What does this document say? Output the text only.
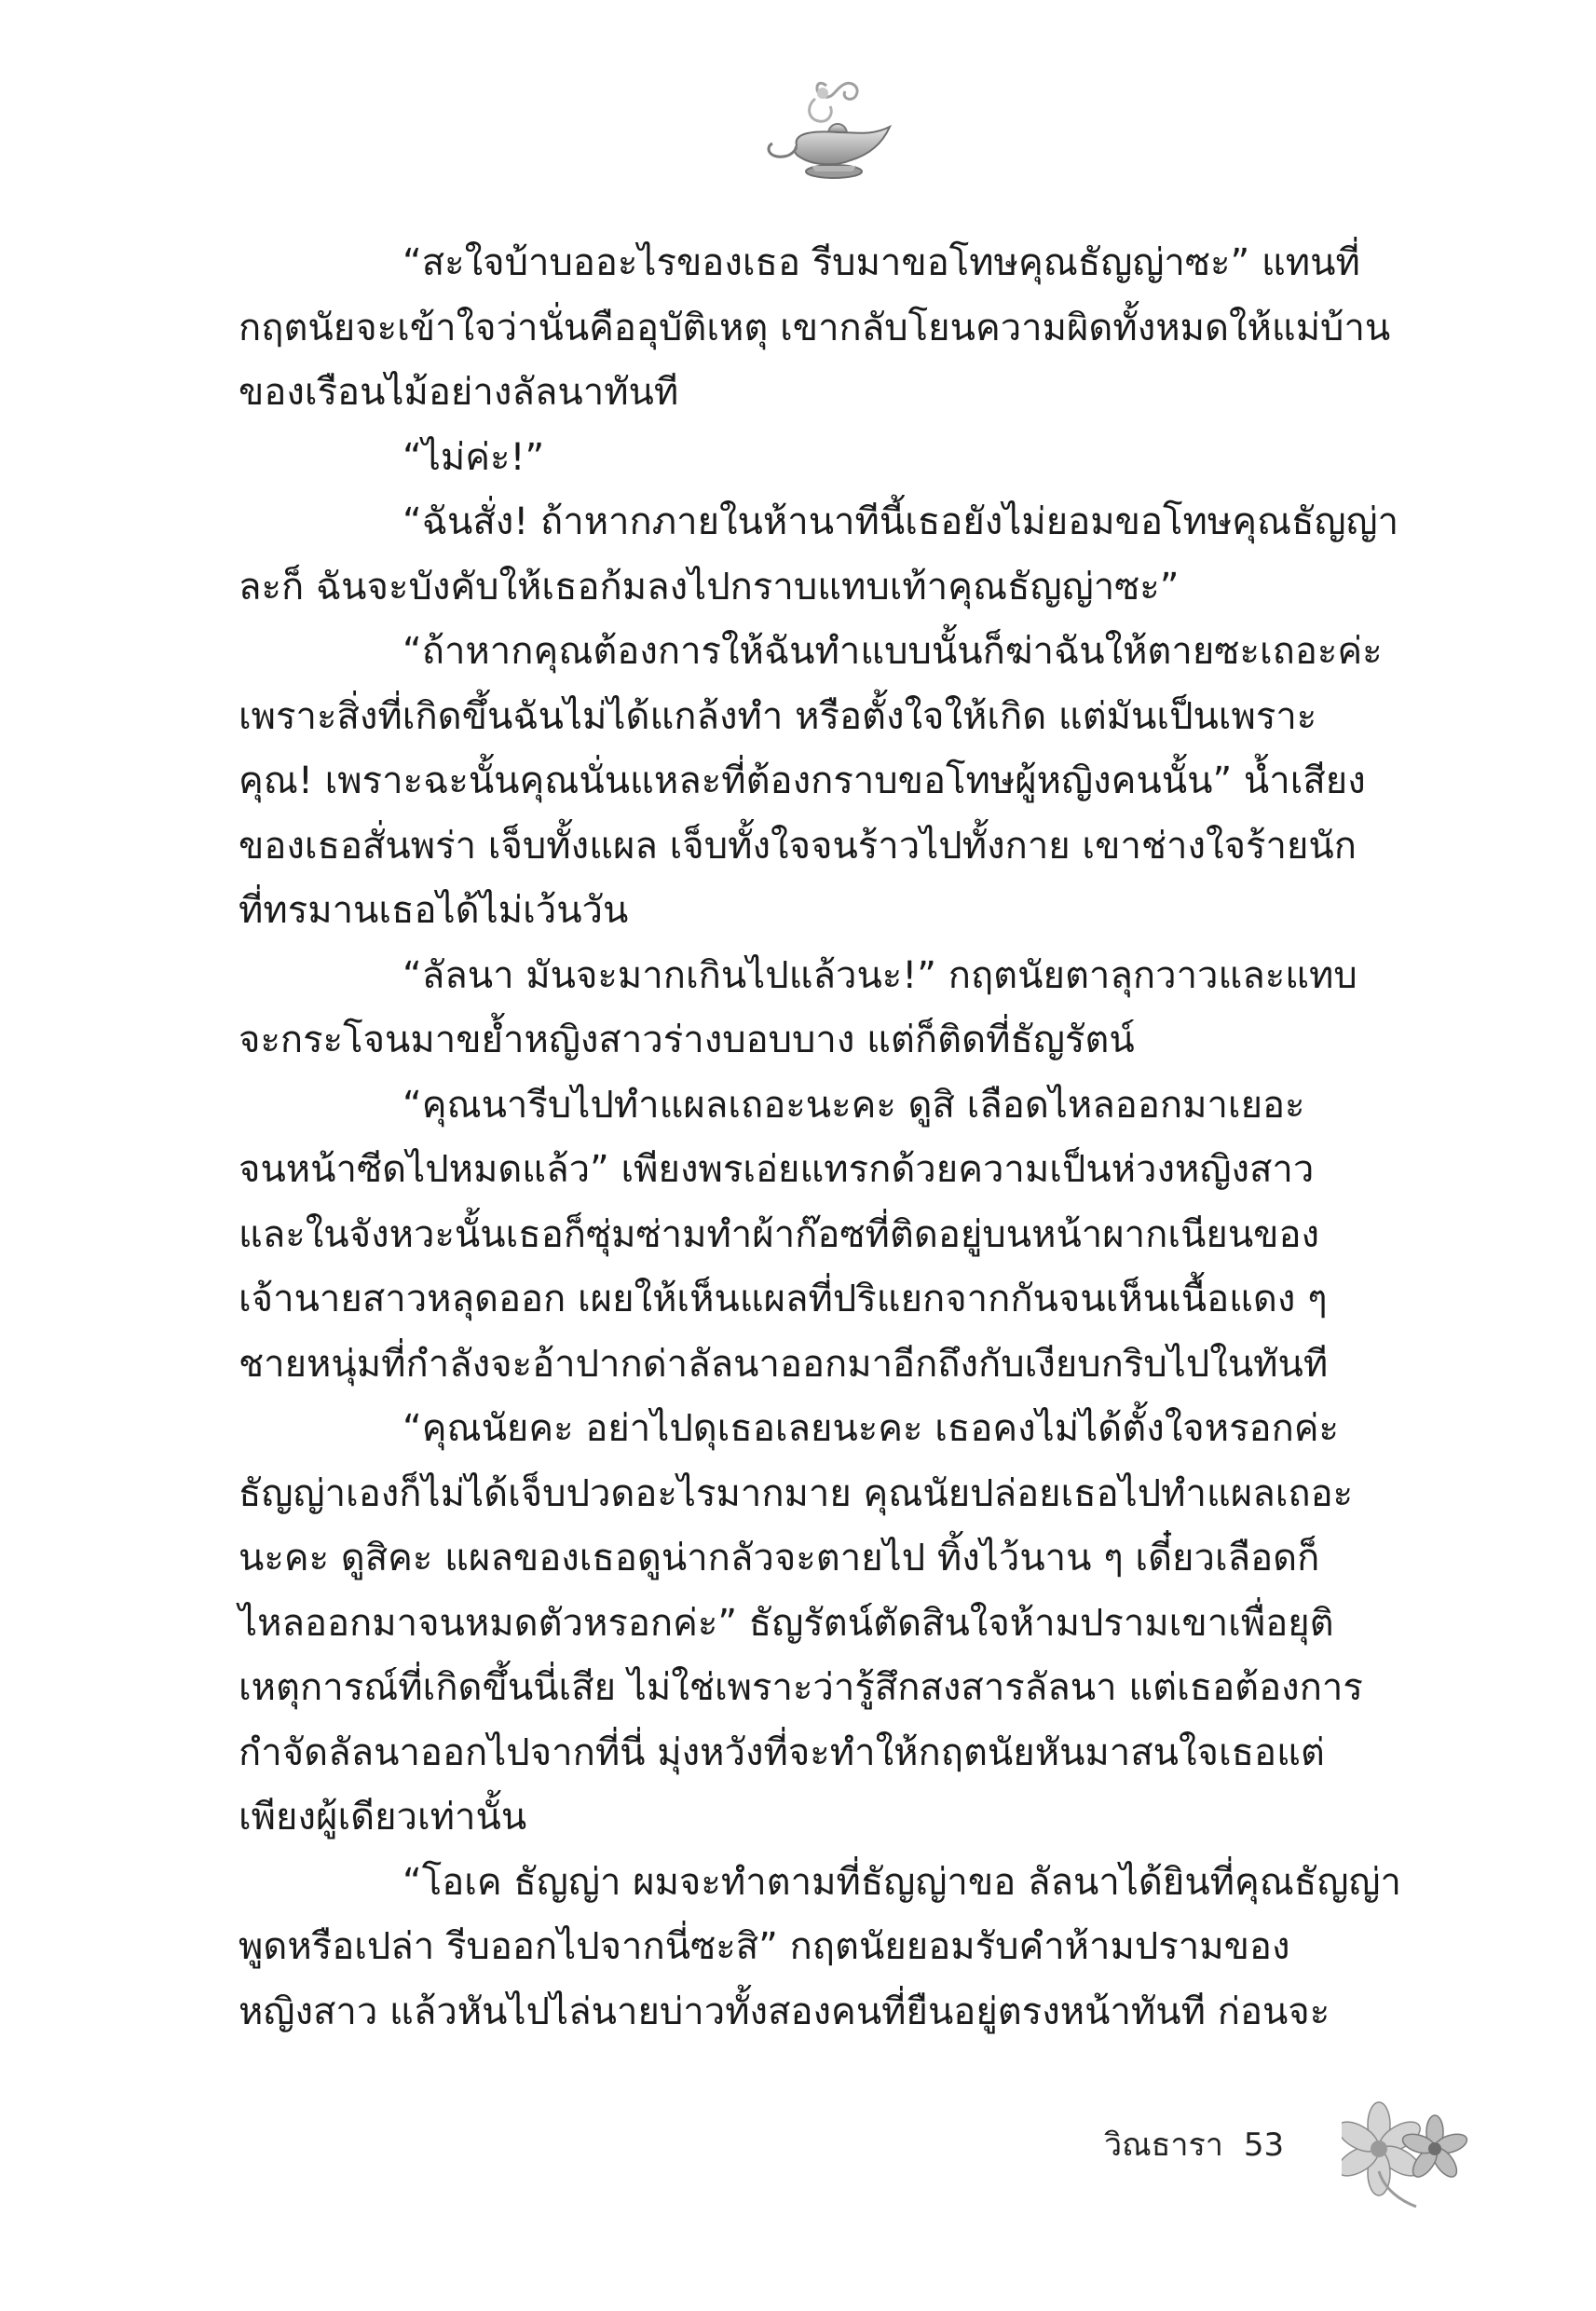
“สะใจบ้าบออะไรของเธอ รีบมาขอโทษคุณธัญญ่าซะ” แทนที่

กฤตนัยจะเข้าใจว่านั่นคืออุบัติเหตุ เขากลับโยนความผิดทั้งหมดให้แม่บ้าน

ของเรือนไม้อย่างลัลนาทันที

“ไม่ค่ะ!”

“ฉันสั่ง! ถ้าหากภายในห้านาทีนี้เธอยังไม่ยอมขอโทษคุณธัญญ่า

ละก็ ฉันจะบังคับให้เธอก้มลงไปกราบแทบเท้าคุณธัญญ่าซะ”

“ถ้าหากคุณต้องการให้ฉันทำแบบนั้นก็ฆ่าฉันให้ตายซะเถอะค่ะ

เพราะสิ่งที่เกิดขึ้นฉันไม่ได้แกล้งทำ หรือตั้งใจให้เกิด แต่มันเป็นเพราะ

คุณ! เพราะฉะนั้นคุณนั่นแหละที่ต้องกราบขอโทษผู้หญิงคนนั้น” น้ำเสียง

ของเธอสั่นพร่า เจ็บทั้งแผล เจ็บทั้งใจจนร้าวไปทั้งกาย เขาช่างใจร้ายนัก

ที่ทรมานเธอได้ไม่เว้นวัน

“ลัลนา มันจะมากเกินไปแล้วนะ!” กฤตนัยตาลุกวาวและแทบ

จะกระโจนมาขย้ำหญิงสาวร่างบอบบาง แต่ก็ติดที่ธัญรัตน์

“คุณนารีบไปทำแผลเถอะนะคะ ดูสิ เลือดไหลออกมาเยอะ

จนหน้าซีดไปหมดแล้ว” เพียงพรเอ่ยแทรกด้วยความเป็นห่วงหญิงสาว

และในจังหวะนั้นเธอก็ซุ่มซ่ามทำผ้าก๊อซที่ติดอยู่บนหน้าผากเนียนของ

เจ้านายสาวหลุดออก เผยให้เห็นแผลที่ปริแยกจากกันจนเห็นเนื้อแดง ๆ

ชายหนุ่มที่กำลังจะอ้าปากด่าลัลนาออกมาอีกถึงกับเงียบกริบไปในทันที

“คุณนัยคะ อย่าไปดุเธอเลยนะคะ เธอคงไม่ได้ตั้งใจหรอกค่ะ

ธัญญ่าเองก็ไม่ได้เจ็บปวดอะไรมากมาย คุณนัยปล่อยเธอไปทำแผลเถอะ

นะคะ ดูสิคะ แผลของเธอดูน่ากลัวจะตายไป ทิ้งไว้นาน ๆ เดี๋ยวเลือดก็

ไหลออกมาจนหมดตัวหรอกค่ะ” ธัญรัตน์ตัดสินใจห้ามปรามเขาเพื่อยุติ

เหตุการณ์ที่เกิดขึ้นนี่เสีย ไม่ใช่เพราะว่ารู้สึกสงสารลัลนา แต่เธอต้องการ

กำจัดลัลนาออกไปจากที่นี่ มุ่งหวังที่จะทำให้กฤตนัยหันมาสนใจเธอแต่

เพียงผู้เดียวเท่านั้น

“โอเค ธัญญ่า ผมจะทำตามที่ธัญญ่าขอ ลัลนาได้ยินที่คุณธัญญ่า

พูดหรือเปล่า รีบออกไปจากนี่ซะสิ” กฤตนัยยอมรับคำห้ามปรามของ

หญิงสาว แล้วหันไปไล่นายบ่าวทั้งสองคนที่ยืนอยู่ตรงหน้าทันที ก่อนจะ

วิณธารา 53
